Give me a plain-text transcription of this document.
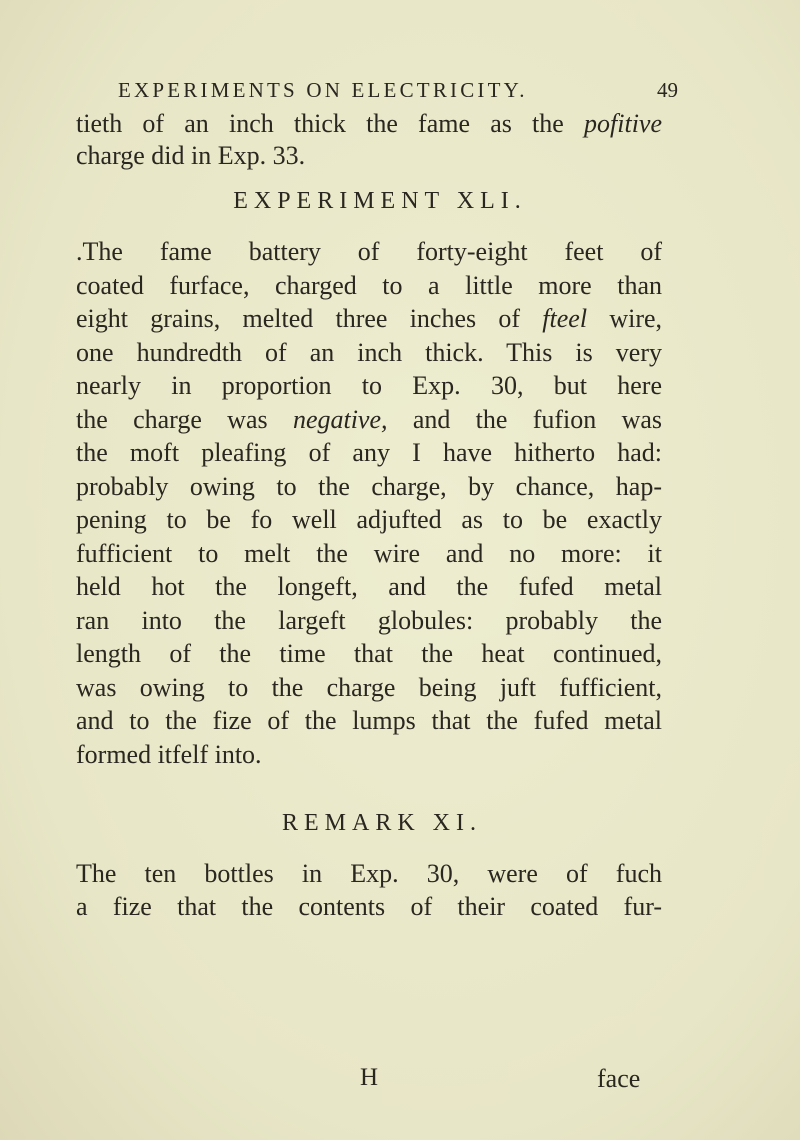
EXPERIMENTS ON ELECTRICITY.	49
tieth of an inch thick the fame as the pofitive
charge did in Exp. 33.
EXPERIMENT XLI.
.The fame battery of forty-eight feet of
coated furface, charged to a little more than
eight grains, melted three inches of fteel wire,
one hundredth of an inch thick. This is very
nearly in proportion to Exp. 30, but here
the charge was negative, and the fufion was
the moft pleafing of any I have hitherto had:
probably owing to the charge, by chance, hap-
pening to be fo well adjufted as to be exactly
fufficient to melt the wire and no more: it
held hot the longeft, and the fufed metal
ran into the largeft globules: probably the
length of the time that the heat continued,
was owing to the charge being juft fufficient,
and to the fize of the lumps that the fufed metal
formed itfelf into.
REMARK XI.
The ten bottles in Exp. 30, were of fuch
a fize that the contents of their coated fur-
H	face
